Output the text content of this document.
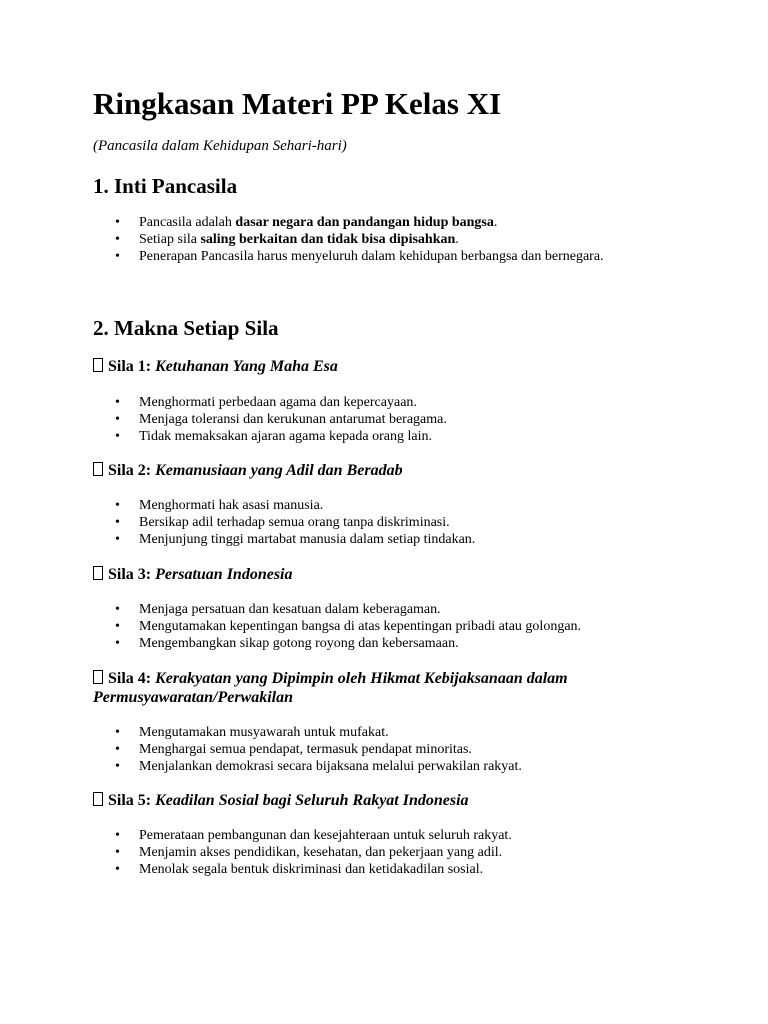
Ringkasan Materi PP Kelas XI

(Pancasila dalam Kehidupan Sehari-hari)

1. Inti Pancasila
• Pancasila adalah dasar negara dan pandangan hidup bangsa.
• Setiap sila saling berkaitan dan tidak bisa dipisahkan.
• Penerapan Pancasila harus menyeluruh dalam kehidupan berbangsa dan bernegara.
2. Makna Setiap Sila
Sila 1: Ketuhanan Yang Maha Esa
• Menghormati perbedaan agama dan kepercayaan.
• Menjaga toleransi dan kerukunan antarumat beragama.
• Tidak memaksakan ajaran agama kepada orang lain.
Sila 2: Kemanusiaan yang Adil dan Beradab
• Menghormati hak asasi manusia.
• Bersikap adil terhadap semua orang tanpa diskriminasi.
• Menjunjung tinggi martabat manusia dalam setiap tindakan.
Sila 3: Persatuan Indonesia
• Menjaga persatuan dan kesatuan dalam keberagaman.
• Mengutamakan kepentingan bangsa di atas kepentingan pribadi atau golongan.
• Mengembangkan sikap gotong royong dan kebersamaan.
Sila 4: Kerakyatan yang Dipimpin oleh Hikmat Kebijaksanaan dalam Permusyawaratan/Perwakilan
• Mengutamakan musyawarah untuk mufakat.
• Menghargai semua pendapat, termasuk pendapat minoritas.
• Menjalankan demokrasi secara bijaksana melalui perwakilan rakyat.
Sila 5: Keadilan Sosial bagi Seluruh Rakyat Indonesia
• Pemerataan pembangunan dan kesejahteraan untuk seluruh rakyat.
• Menjamin akses pendidikan, kesehatan, dan pekerjaan yang adil.
• Menolak segala bentuk diskriminasi dan ketidakadilan sosial.
